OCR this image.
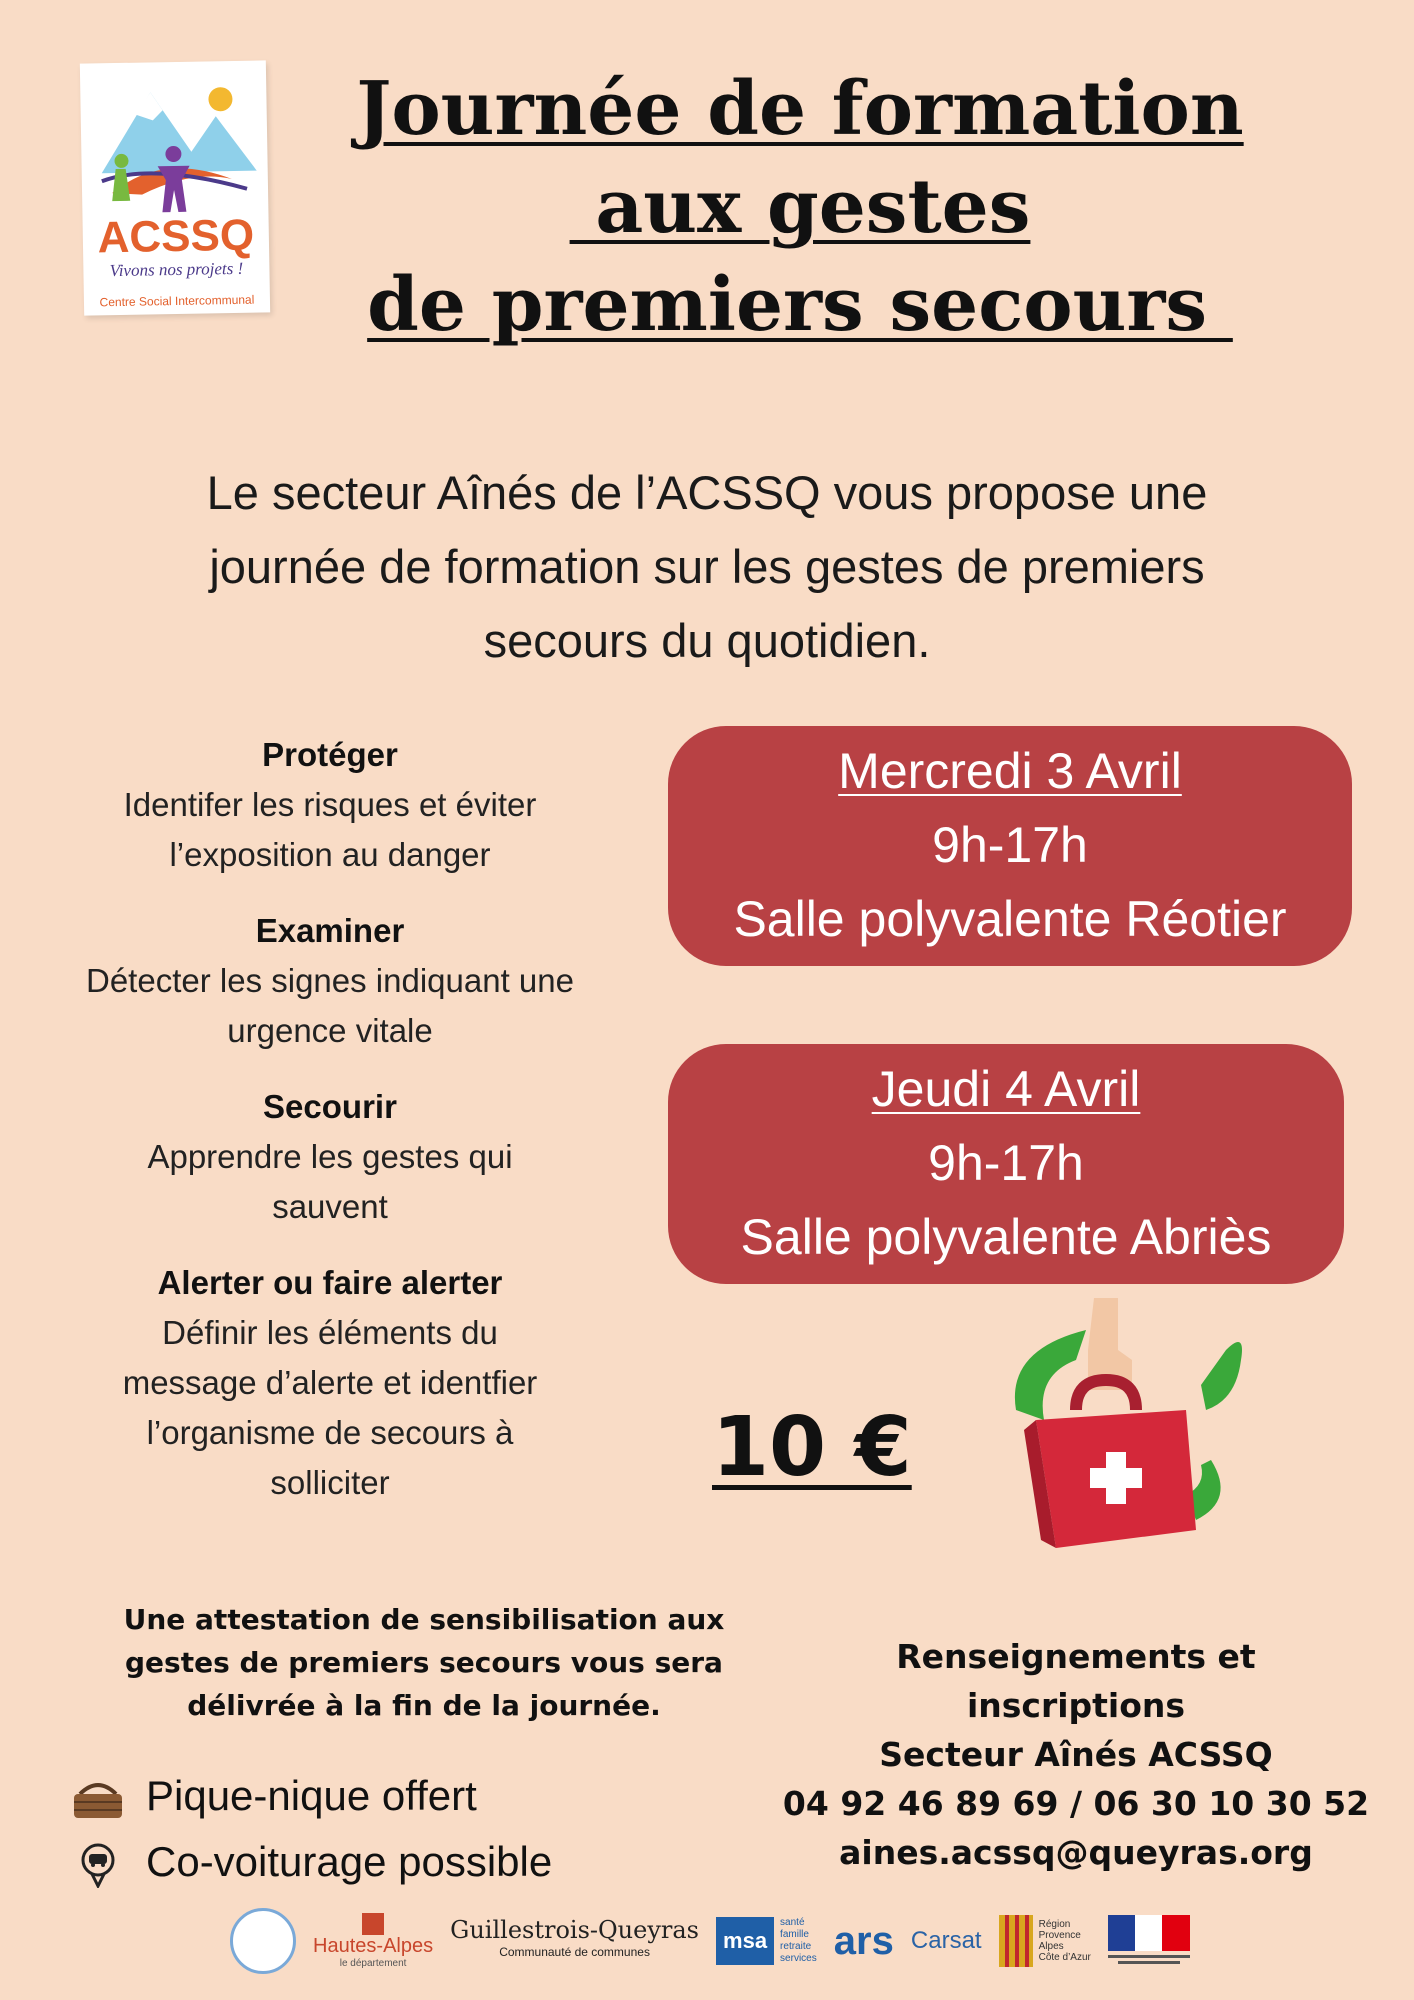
ACSSQ
Vivons nos projets !
Centre Social Intercommunal
Journée de formation
aux gestes
de premiers secours
Le secteur Aînés de l’ACSSQ vous propose une
journée de formation sur les gestes de premiers
secours du quotidien.
Protéger
Identifer les risques et éviter
l’exposition au danger
Examiner
Détecter les signes indiquant une
urgence vitale
Secourir
Apprendre les gestes qui
sauvent
Alerter ou faire alerter
Définir les éléments du
message d’alerte et identfier
l’organisme de secours à
solliciter
Mercredi 3 Avril
9h-17h
Salle polyvalente Réotier
Jeudi 4 Avril
9h-17h
Salle polyvalente Abriès
10 €
Une attestation de sensibilisation aux
gestes de premiers secours vous sera
délivrée à la fin de la journée.
Renseignements et
inscriptions
Secteur Aînés ACSSQ
04 92 46 89 69 / 06 30 10 30 52
aines.acssq@queyras.org
Pique-nique offert
Co-voiturage possible
Hautes-Alpes
le département
Guillestrois-Queyras
Communauté de communes	msa
santé
famille
retraite
services ars Carsat
Région
Provence
Alpes
Côte d’Azur
